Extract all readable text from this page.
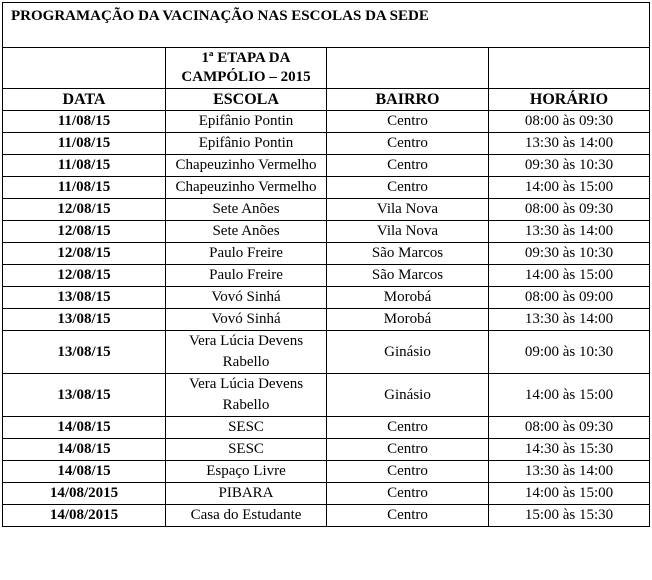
PROGRAMAÇÃO DA VACINAÇÃO NAS ESCOLAS DA SEDE			
	1ª ETAPA DA CAMPÓLIO – 2015		
DATA	ESCOLA	BAIRRO	HORÁRIO
11/08/15	Epifânio Pontin	Centro	08:00 às 09:30
11/08/15	Epifânio Pontin	Centro	13:30 às 14:00
11/08/15	Chapeuzinho Vermelho	Centro	09:30 às 10:30
11/08/15	Chapeuzinho Vermelho	Centro	14:00 às 15:00
12/08/15	Sete Anões	Vila Nova	08:00 às 09:30
12/08/15	Sete Anões	Vila Nova	13:30 às 14:00
12/08/15	Paulo Freire	São Marcos	09:30 às 10:30
12/08/15	Paulo Freire	São Marcos	14:00 às 15:00
13/08/15	Vovó Sinhá	Morobá	08:00 às 09:00
13/08/15	Vovó Sinhá	Morobá	13:30 às 14:00
13/08/15	Vera Lúcia Devens Rabello	Ginásio	09:00 às 10:30
13/08/15	Vera Lúcia Devens Rabello	Ginásio	14:00 às 15:00
14/08/15	SESC	Centro	08:00 às 09:30
14/08/15	SESC	Centro	14:30 às 15:30
14/08/15	Espaço Livre	Centro	13:30 às 14:00
14/08/2015	PIBARA	Centro	14:00 às 15:00
14/08/2015	Casa do Estudante	Centro	15:00 às 15:30
